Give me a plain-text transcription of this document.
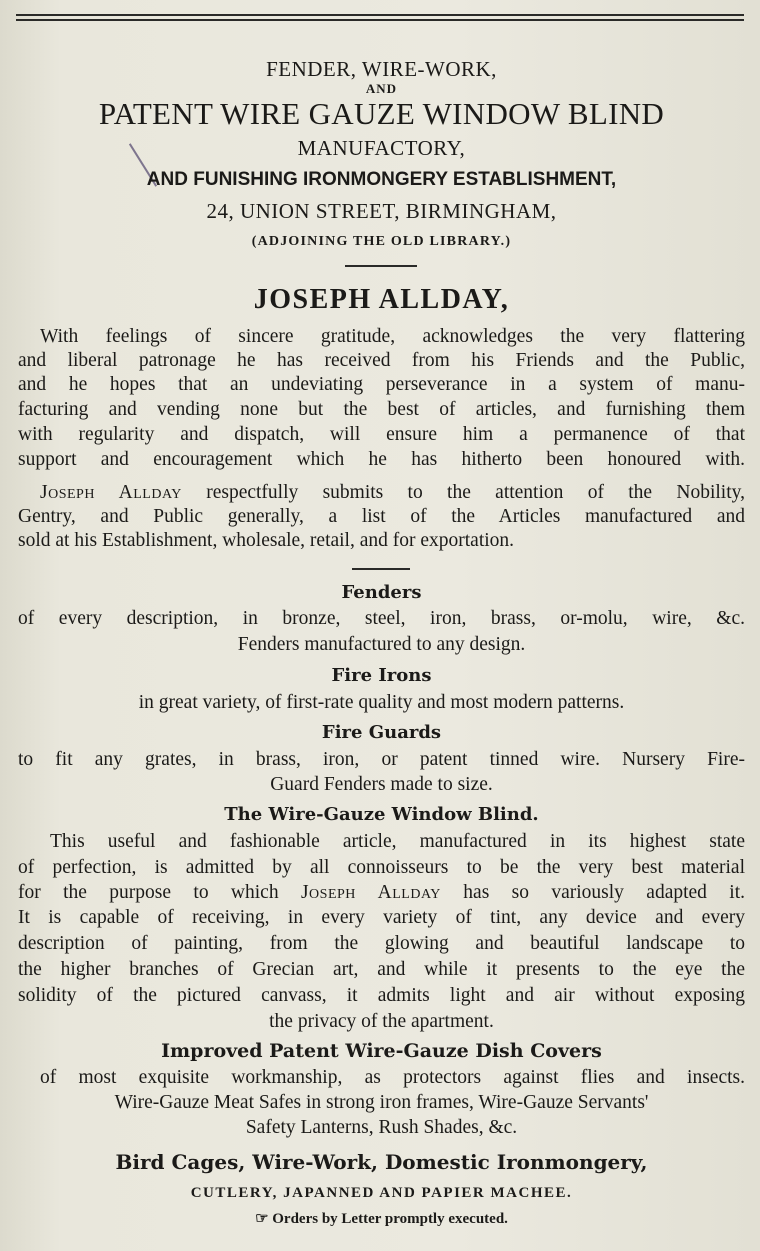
FENDER, WIRE-WORK,
AND
PATENT WIRE GAUZE WINDOW BLIND
MANUFACTORY,
AND FUNISHING IRONMONGERY ESTABLISHMENT,
24, UNION STREET, BIRMINGHAM,
(ADJOINING THE OLD LIBRARY.)
JOSEPH ALLDAY,
With feelings of sincere gratitude, acknowledges the very flattering
and liberal patronage he has received from his Friends and the Public,
and he hopes that an undeviating perseverance in a system of manu-
facturing and vending none but the best of articles, and furnishing them
with regularity and dispatch, will ensure him a permanence of that
support and encouragement which he has hitherto been honoured with.
Joseph Allday respectfully submits to the attention of the Nobility,
Gentry, and Public generally, a list of the Articles manufactured and
sold at his Establishment, wholesale, retail, and for exportation.
Fenders
of every description, in bronze, steel, iron, brass, or-molu, wire, &c.
Fenders manufactured to any design.
Fire Irons
in great variety, of first-rate quality and most modern patterns.
Fire Guards
to fit any grates, in brass, iron, or patent tinned wire. Nursery Fire-
Guard Fenders made to size.
The Wire-Gauze Window Blind.
This useful and fashionable article, manufactured in its highest state
of perfection, is admitted by all connoisseurs to be the very best material
for the purpose to which Joseph Allday has so variously adapted it.
It is capable of receiving, in every variety of tint, any device and every
description of painting, from the glowing and beautiful landscape to
the higher branches of Grecian art, and while it presents to the eye the
solidity of the pictured canvass, it admits light and air without exposing
the privacy of the apartment.
Improved Patent Wire-Gauze Dish Covers
of most exquisite workmanship, as protectors against flies and insects.
Wire-Gauze Meat Safes in strong iron frames, Wire-Gauze Servants'
Safety Lanterns, Rush Shades, &c.
Bird Cages, Wire-Work, Domestic Ironmongery,
CUTLERY, JAPANNED AND PAPIER MACHEE.
☞ Orders by Letter promptly executed.
